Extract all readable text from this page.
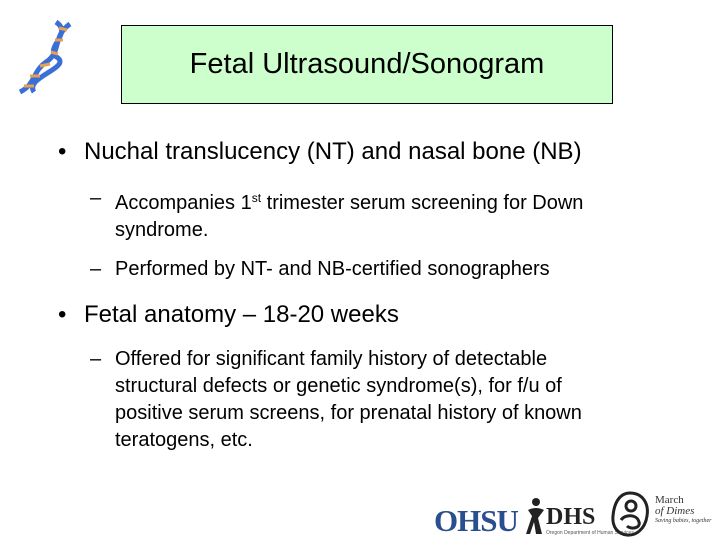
Fetal Ultrasound/Sonogram
• Nuchal translucency (NT) and nasal bone (NB)
– Accompanies 1st trimester serum screening for Down
syndrome.
– Performed by NT- and NB-certified sonographers
• Fetal anatomy – 18-20 weeks
– Offered for significant family history of detectable
structural defects or genetic syndrome(s), for f/u of
positive serum screens, for prenatal history of known
teratogens, etc.
OHSU DHS
Oregon Department of Human Services
March
of Dimes
Saving babies, together
